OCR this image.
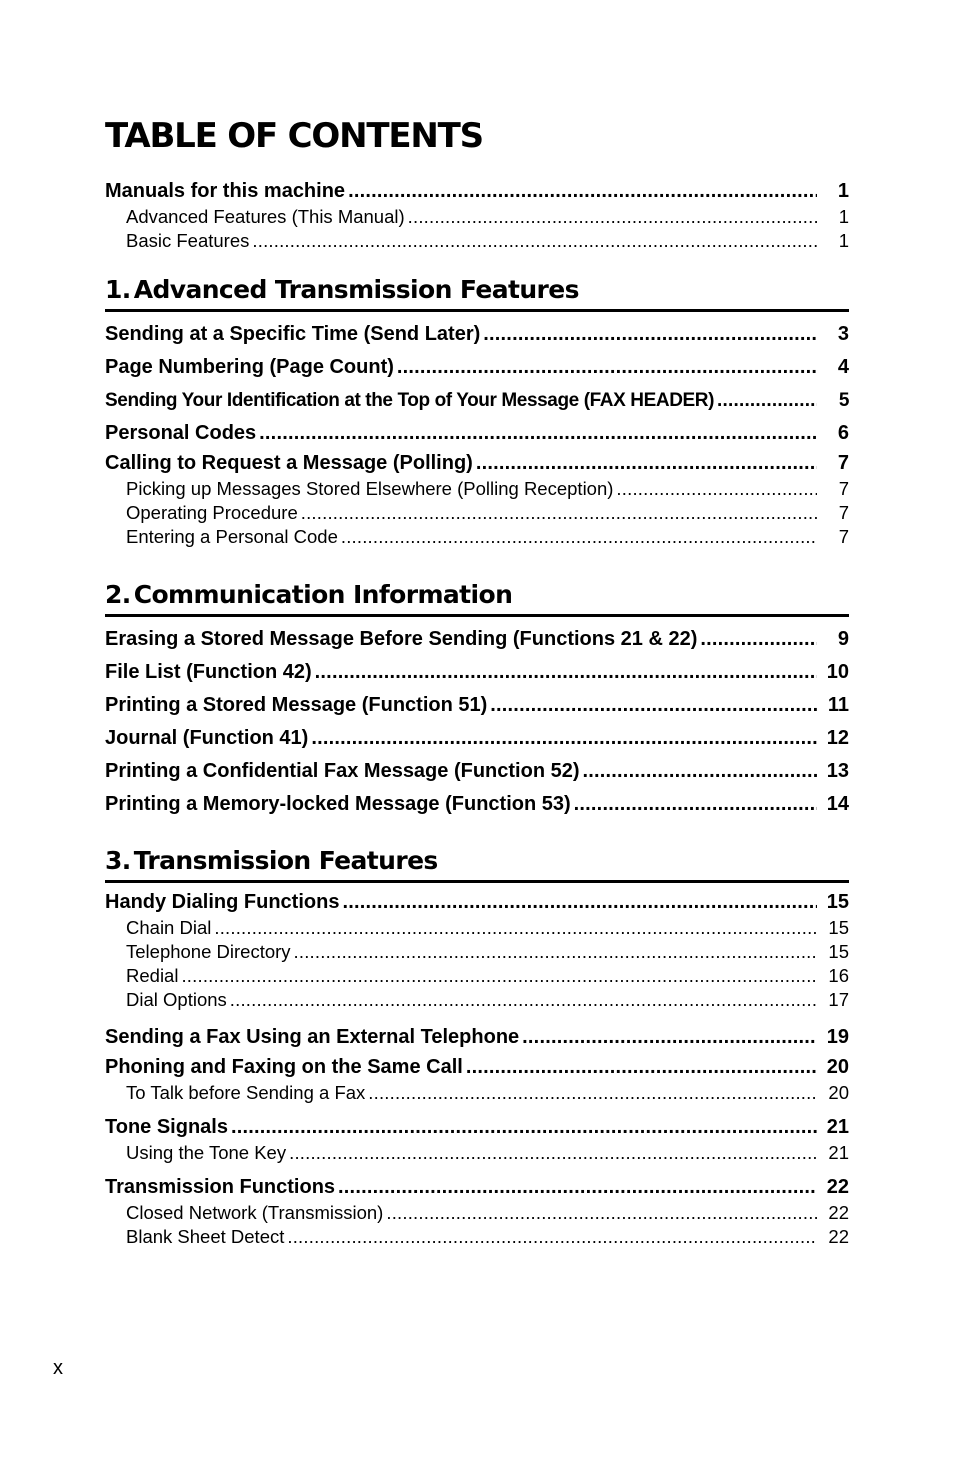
TABLE OF CONTENTS
Manuals for this machine .....	1
Advanced Features (This Manual) .....	1
Basic Features .....	1
1. Advanced Transmission Features
Sending at a Specific Time (Send Later) .....	3
Page Numbering (Page Count) .....	4
Sending Your Identification at the Top of Your Message (FAX HEADER) .....	5
Personal Codes .....	6
Calling to Request a Message (Polling) .....	7
Picking up Messages Stored Elsewhere (Polling Reception) .....	7
Operating Procedure .....	7
Entering a Personal Code .....	7
2. Communication Information
Erasing a Stored Message Before Sending (Functions 21 & 22) .....	9
File List (Function 42) .....	10
Printing a Stored Message (Function 51) .....	11
Journal (Function 41) .....	12
Printing a Confidential Fax Message (Function 52) .....	13
Printing a Memory-locked Message (Function 53) .....	14
3. Transmission Features
Handy Dialing Functions .....	15
Chain Dial .....	15
Telephone Directory .....	15
Redial .....	16
Dial Options .....	17
Sending a Fax Using an External Telephone .....	19
Phoning and Faxing on the Same Call .....	20
To Talk before Sending a Fax .....	20
Tone Signals .....	21
Using the Tone Key .....	21
Transmission Functions .....	22
Closed Network (Transmission) .....	22
Blank Sheet Detect .....	22
x
